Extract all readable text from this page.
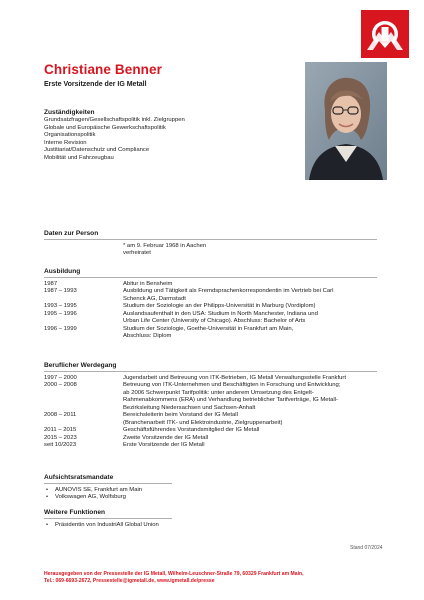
Christiane Benner
Erste Vorsitzende der IG Metall
Zuständigkeiten
Grundsatzfragen/Gesellschaftspolitik inkl. Zielgruppen
Globale und Europäische Gewerkschaftspolitik
Organisationspolitik
Interne Revision
Justitiariat/Datenschutz und Compliance
Mobilität und Fahrzeugbau
Daten zur Person
* am 9. Februar 1968 in Aachen
verheiratet
Ausbildung
1987	Abitur in Bensheim
1987 – 1993	Ausbildung und Tätigkeit als Fremdsprachenkorrespondentin im Vertrieb bei Carl
Schenck AG, Darmstadt
1993 – 1995	Studium der Soziologie an der Philipps-Universität in Marburg (Vordiplom)
1995 – 1996	Auslandsaufenthalt in den USA: Studium in North Manchester, Indiana und
Urban Life Center (University of Chicago). Abschluss: Bachelor of Arts
1996 – 1999	Studium der Soziologie, Goethe-Universität in Frankfurt am Main,
Abschluss: Diplom
Beruflicher Werdegang
1997 – 2000	Jugendarbeit und Betreuung von ITK-Betrieben, IG Metall Verwaltungsstelle Frankfurt
2000 – 2008	Betreuung von ITK-Unternehmen und Beschäftigten in Forschung und Entwicklung;
ab 2006 Schwerpunkt Tarifpolitik: unter anderem Umsetzung des Entgelt-
Rahmenabkommens (ERA) und Verhandlung betrieblicher Tarifverträge, IG Metall-
Bezirksleitung Niedersachsen und Sachsen-Anhalt
2008 – 2011	Bereichsleiterin beim Vorstand der IG Metall
(Branchenarbeit ITK- und Elektroindustrie, Zielgruppenarbeit)
2011 – 2015	Geschäftsführendes Vorstandsmitglied der IG Metall
2015 – 2023	Zweite Vorsitzende der IG Metall
seit 10/2023	Erste Vorsitzende der IG Metall
Aufsichtsratsmandate
• AUNOVIS SE, Frankfurt am Main
• Volkswagen AG, Wolfsburg
Weitere Funktionen
• Präsidentin von IndustriAll Global Union
Stand 07/2024
Herausgegeben von der Pressestelle der IG Metall, Wilhelm-Leuschner-Straße 79, 60329 Frankfurt am Main,
Tel.: 069-6693-2672, Pressestelle@igmetall.de, www.igmetall.de/presse
